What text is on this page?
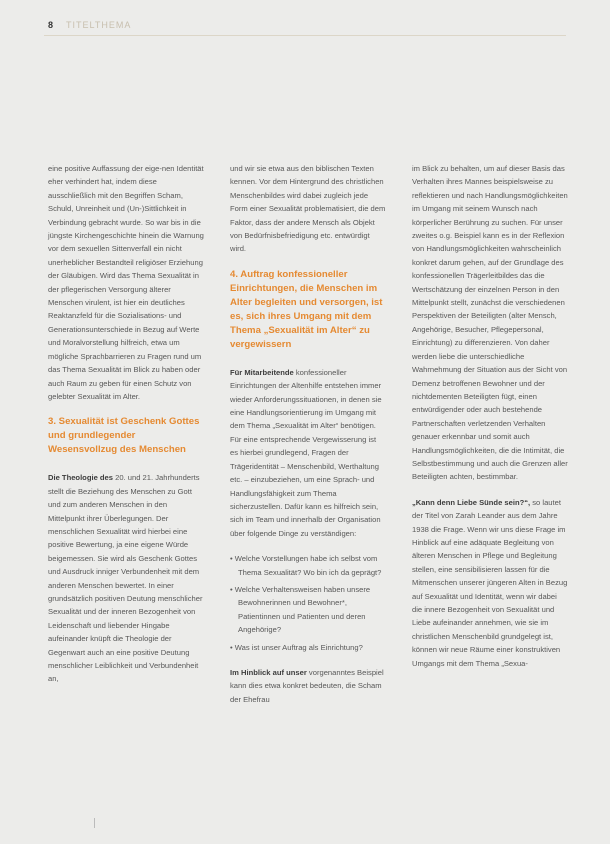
8 TITELTHEMA

eine positive Auffassung der eige-nen Identität eher verhindert hat, indem diese ausschließlich mit den Begriffen Scham, Schuld, Unreinheit und (Un-)Sittlichkeit in Verbindung gebracht wurde. So war bis in die jüngste Kirchengeschichte hinein die Warnung vor dem sexuellen Sittenverfall ein nicht unerheblicher Bestandteil religiöser Erziehung der Gläubigen. Wird das Thema Sexualität in der pflegerischen Versorgung älterer Menschen virulent, ist hier ein deutliches Reaktanzfeld für die Sozialisations- und Generationsunterschiede in Bezug auf Werte und Moralvorstellung hilfreich, etwa um mögliche Sprachbarrieren zu Fragen rund um das Thema Sexualität im Blick zu haben oder auch Raum zu geben für einen Schutz von gelebter Sexualität im Alter.

3. Sexualität ist Geschenk Gottes und grundlegender Wesensvollzug des Menschen

Die Theologie des 20. und 21. Jahrhunderts stellt die Beziehung des Menschen zu Gott und zum anderen Menschen in den Mittelpunkt ihrer Überlegungen. Der menschlichen Sexualität wird hierbei eine positive Bewertung, ja eine eigene Würde beigemessen. Sie wird als Geschenk Gottes und Ausdruck inniger Verbundenheit mit dem anderen Menschen bewertet. In einer grundsätzlich positiven Deutung menschlicher Sexualität und der inneren Bezogenheit von Leidenschaft und liebender Hingabe aufeinander knüpft die Theologie der Gegenwart auch an eine positive Deutung menschlicher Leiblichkeit und Verbundenheit an,

und wir sie etwa aus den biblischen Texten kennen. Vor dem Hintergrund des christlichen Menschenbildes wird dabei zugleich jede Form einer Sexualität problematisiert, die dem Faktor, dass der andere Mensch als Objekt von Bedürfnisbefriedigung etc. entwürdigt wird.

4. Auftrag konfessioneller Einrichtungen, die Menschen im Alter begleiten und versorgen, ist es, sich ihres Umgang mit dem Thema „Sexualität im Alter“ zu vergewissern

Für Mitarbeitende konfessioneller Einrichtungen der Altenhilfe entstehen immer wieder Anforderungssituationen, in denen sie eine Handlungsorientierung im Umgang mit dem Thema „Sexualität im Alter“ benötigen. Für eine entsprechende Vergewisserung ist es hierbei grundlegend, Fragen der Trägeridentität – Menschenbild, Werthaltung etc. – einzubeziehen, um eine Sprach- und Handlungsfähigkeit zum Thema sicherzustellen. Dafür kann es hilfreich sein, sich im Team und innerhalb der Organisation über folgende Dinge zu verständigen:

• Welche Vorstellungen habe ich selbst vom Thema Sexualität? Wo bin ich da geprägt?

• Welche Verhaltensweisen haben unsere Bewohnerinnen und Bewohner*, Patientinnen und Patienten und deren Angehörige?

• Was ist unser Auftrag als Einrichtung?

Im Hinblick auf unser vorgenanntes Beispiel kann dies etwa konkret bedeuten, die Scham der Ehefrau

im Blick zu behalten, um auf dieser Basis das Verhalten ihres Mannes beispielsweise zu reflektieren und nach Handlungsmöglichkeiten im Umgang mit seinem Wunsch nach körperlicher Berührung zu suchen. Für unser zweites o.g. Beispiel kann es in der Reflexion von Handlungsmöglichkeiten wahrscheinlich konkret darum gehen, auf der Grundlage des konfessionellen Trägerleitbildes das die Wertschätzung der einzelnen Person in den Mittelpunkt stellt, zunächst die verschiedenen Perspektiven der Beteiligten (alter Mensch, Angehörige, Besucher, Pflegepersonal, Einrichtung) zu differenzieren. Von daher werden liebe die unterschiedliche Wahrnehmung der Situation aus der Sicht von Demenz betroffenen Bewohner und der nichtdementen Beteiligten fügt, einen entwürdigender oder auch bestehende Partnerschaften verletzenden Verhalten genauer erkennbar und somit auch Handlungsmöglichkeiten, die die Intimität, die Selbstbestimmung und auch die Grenzen aller Beteiligten achten, bestimmbar.

„Kann denn Liebe Sünde sein?“, so lautet der Titel von Zarah Leander aus dem Jahre 1938 die Frage. Wenn wir uns diese Frage im Hinblick auf eine adäquate Begleitung von älteren Menschen in Pflege und Begleitung stellen, eine sensibilisieren lassen für die Mitmenschen unserer jüngeren Alten in Bezug auf Sexualität und Identität, wenn wir dabei die innere Bezogenheit von Sexualität und Liebe aufeinander annehmen, wie sie im christlichen Menschenbild grundgelegt ist, können wir neue Räume einer konstruktiven Umgangs mit dem Thema „Sexua-
